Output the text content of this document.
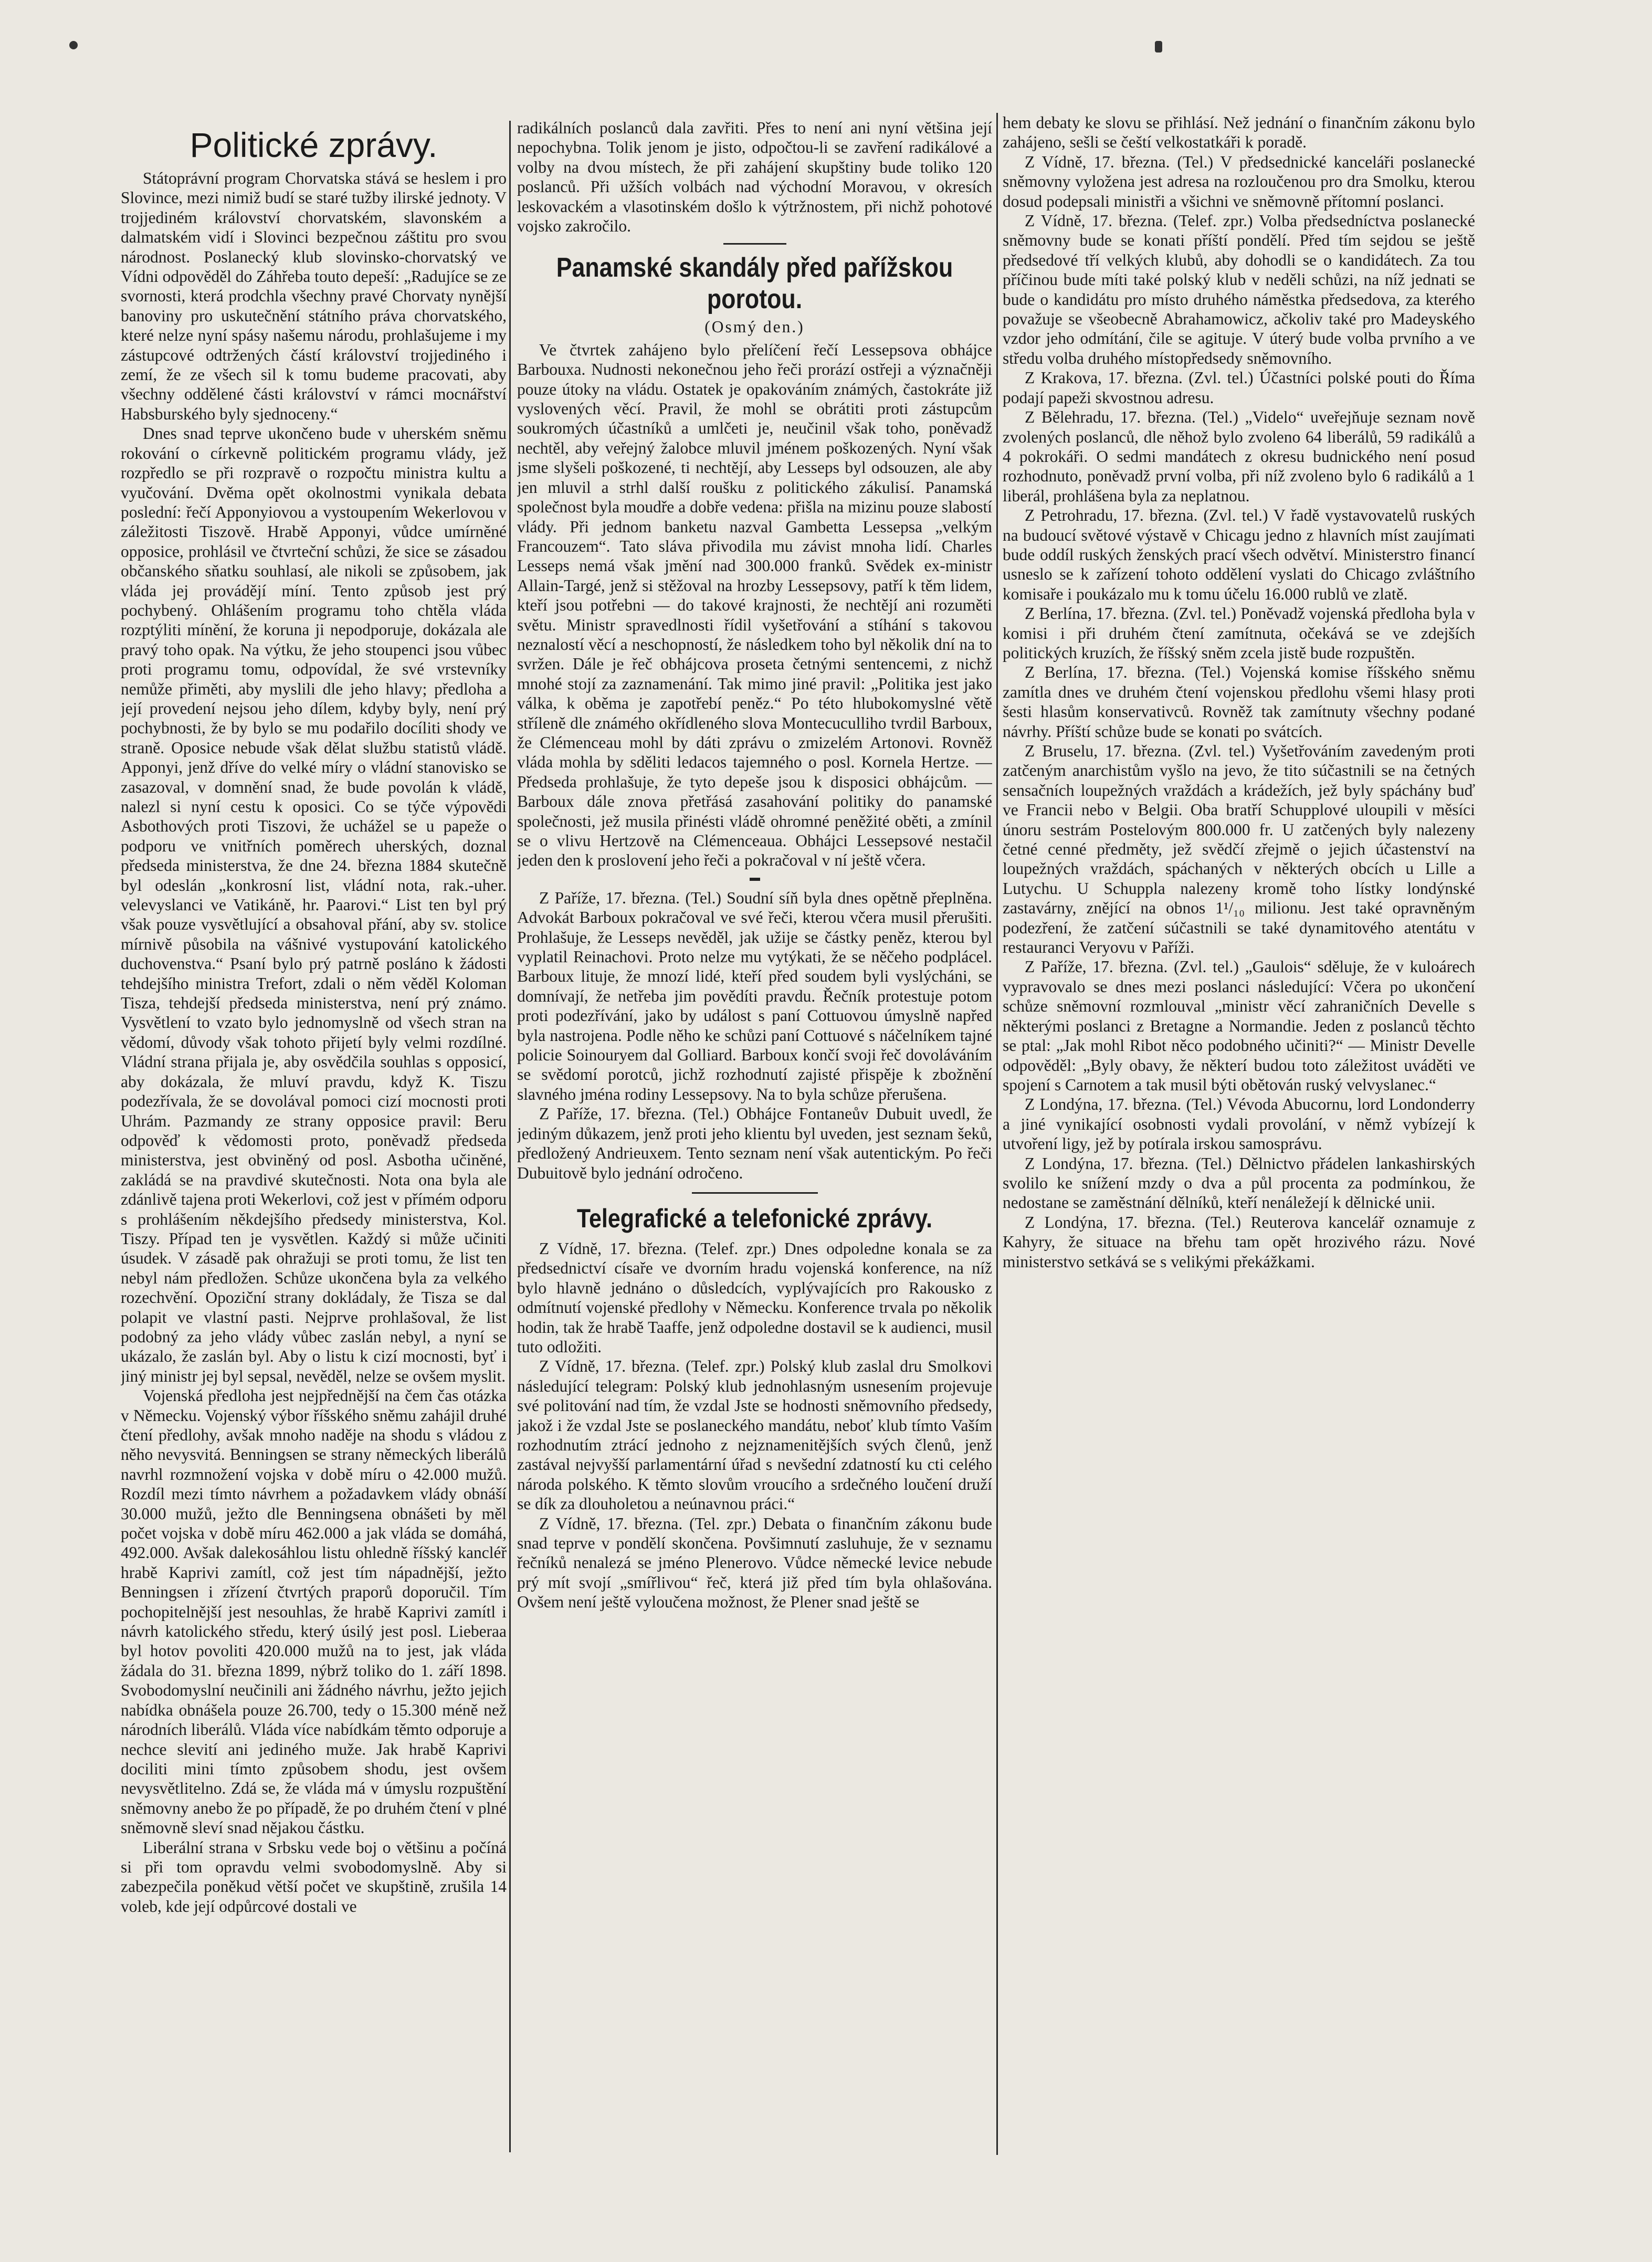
Politické zprávy.

Státoprávní program Chorvatska stává se heslem i pro Slovince, mezi nimiž budí se staré tužby ilirské jednoty. V trojjediném království chorvatském, slavonském a dalmatském vidí i Slovinci bezpečnou záštitu pro svou národnost. Poslanecký klub slovinsko-chorvatský ve Vídni odpověděl do Záhřeba touto depeší: „Radujíce se ze svornosti, která prodchla všechny pravé Chorvaty nynější banoviny pro uskutečnění státního práva chorvatského, které nelze nyní spásy našemu národu, prohlašujeme i my zástupcové odtržených částí království trojjediného i zemí, že ze všech sil k tomu budeme pracovati, aby všechny oddělené části království v rámci mocnářství Habsburského byly sjednoceny.“

Dnes snad teprve ukončeno bude v uherském sněmu rokování o církevně politickém programu vlády, jež rozpředlo se při rozpravě o rozpočtu ministra kultu a vyučování. Dvěma opět okolnostmi vynikala debata poslední: řečí Apponyiovou a vystoupením Wekerlovou v záležitosti Tiszově. Hrabě Apponyi, vůdce umírněné opposice, prohlásil ve čtvrteční schůzi, že sice se zásadou občanského sňatku souhlasí, ale nikoli se způsobem, jak vláda jej provádějí míní. Tento způsob jest prý pochybený. Ohlášením programu toho chtěla vláda rozptýliti mínění, že koruna ji nepodporuje, dokázala ale pravý toho opak. Na výtku, že jeho stoupenci jsou vůbec proti programu tomu, odpovídal, že své vrstevníky nemůže přiměti, aby myslili dle jeho hlavy; předloha a její provedení nejsou jeho dílem, kdyby byly, není prý pochybnosti, že by bylo se mu podařilo docíliti shody ve straně. Oposice nebude však dělat službu statistů vládě. Apponyi, jenž dříve do velké míry o vládní stanovisko se zasazoval, v domnění snad, že bude povolán k vládě, nalezl si nyní cestu k oposici. Co se týče výpovědi Asbothových proti Tiszovi, že uchážel se u papeže o podporu ve vnitřních poměrech uherských, doznal předseda ministerstva, že dne 24. března 1884 skutečně byl odeslán „konkrosní list, vládní nota, rak.-uher. velevyslanci ve Vatikáně, hr. Paarovi.“ List ten byl prý však pouze vysvětlující a obsahoval přání, aby sv. stolice mírnivě působila na vášnivé vystupování katolického duchovenstva.“ Psaní bylo prý patrně posláno k žádosti tehdejšího ministra Trefort, zdali o něm věděl Koloman Tisza, tehdejší předseda ministerstva, není prý známo. Vysvětlení to vzato bylo jednomyslně od všech stran na vědomí, důvody však tohoto přijetí byly velmi rozdílné. Vládní strana přijala je, aby osvědčila souhlas s opposicí, aby dokázala, že mluví pravdu, když K. Tiszu podezřívala, že se dovolával pomoci cizí mocnosti proti Uhrám. Pazmandy ze strany opposice pravil: Beru odpověď k vědomosti proto, poněvadž předseda ministerstva, jest obviněný od posl. Asbotha učiněné, zakládá se na pravdivé skutečnosti. Nota ona byla ale zdánlivě tajena proti Wekerlovi, což jest v přímém odporu s prohlášením někdejšího předsedy ministerstva, Kol. Tiszy. Případ ten je vysvětlen. Každý si může učiniti úsudek. V zásadě pak ohražuji se proti tomu, že list ten nebyl nám předložen. Schůze ukončena byla za velkého rozechvění. Opoziční strany dokládaly, že Tisza se dal polapit ve vlastní pasti. Nejprve prohlašoval, že list podobný za jeho vlády vůbec zaslán nebyl, a nyní se ukázalo, že zaslán byl. Aby o listu k cizí mocnosti, byť i jiný ministr jej byl sepsal, nevěděl, nelze se ovšem myslit.

Vojenská předloha jest nejpřednější na čem čas otázka v Německu. Vojenský výbor říšského sněmu zahájil druhé čtení předlohy, avšak mnoho naděje na shodu s vládou z něho nevysvitá. Benningsen se strany německých liberálů navrhl rozmnožení vojska v době míru o 42.000 mužů. Rozdíl mezi tímto návrhem a požadavkem vlády obnáší 30.000 mužů, ježto dle Benningsena obnášeti by měl počet vojska v době míru 462.000 a jak vláda se domáhá, 492.000. Avšak dalekosáhlou listu ohledně říšský kancléř hrabě Kaprivi zamítl, což jest tím nápadnější, ježto Benningsen i zřízení čtvrtých praporů doporučil. Tím pochopitelnější jest nesouhlas, že hrabě Kaprivi zamítl i návrh katolického středu, který úsilý jest posl. Lieberaa byl hotov povoliti 420.000 mužů na to jest, jak vláda žádala do 31. března 1899, nýbrž toliko do 1. září 1898. Svobodomyslní neučinili ani žádného návrhu, ježto jejich nabídka obnášela pouze 26.700, tedy o 15.300 méně než národních liberálů. Vláda více nabídkám těmto odporuje a nechce slevití ani jediného muže. Jak hrabě Kaprivi dociliti mini tímto způsobem shodu, jest ovšem nevysvětlitelno. Zdá se, že vláda má v úmyslu rozpuštění sněmovny anebo že po případě, že po druhém čtení v plné sněmovně sleví snad nějakou částku.

Liberální strana v Srbsku vede boj o většinu a počíná si při tom opravdu velmi svobodomyslně. Aby si zabezpečila poněkud větší počet ve skupštině, zrušila 14 voleb, kde její odpůrcové dostali ve

radikálních poslanců dala zavřiti. Přes to není ani nyní většina její nepochybna. Tolik jenom je jisto, odpočtou-li se zavření radikálové a volby na dvou místech, že při zahájení skupštiny bude toliko 120 poslanců. Při užších volbách nad východní Moravou, v okresích leskovackém a vlasotinském došlo k výtržnostem, při nichž pohotové vojsko zakročilo.

Panamské skandály před pařížskou porotou.
(Osmý den.)

Ve čtvrtek zahájeno bylo přelíčení řečí Lessepsova obhájce Barbouxa. Nudnosti nekonečnou jeho řeči prorází ostřeji a význačněji pouze útoky na vládu. Ostatek je opakováním známých, častokráte již vyslovených věcí. Pravil, že mohl se obrátiti proti zástupcům soukromých účastníků a umlčeti je, neučinil však toho, poněvadž nechtěl, aby veřejný žalobce mluvil jménem poškozených. Nyní však jsme slyšeli poškozené, ti nechtějí, aby Lesseps byl odsouzen, ale aby jen mluvil a strhl další roušku z politického zákulisí. Panamská společnost byla moudře a dobře vedena: přišla na mizinu pouze slabostí vlády. Při jednom banketu nazval Gambetta Lessepsa „velkým Francouzem“. Tato sláva přivodila mu závist mnoha lidí. Charles Lesseps nemá však jmění nad 300.000 franků. Svědek ex-ministr Allain-Targé, jenž si stěžoval na hrozby Lessepsovy, patří k těm lidem, kteří jsou potřebni — do takové krajnosti, že nechtějí ani rozuměti světu. Ministr spravedlnosti řídil vyšetřování a stíhání s takovou neznalostí věcí a neschopností, že následkem toho byl několik dní na to svržen. Dále je řeč obhájcova proseta četnými sentencemi, z nichž mnohé stojí za zaznamenání. Tak mimo jiné pravil: „Politika jest jako válka, k oběma je zapotřebí peněz.“ Po této hlubokomyslné větě stříleně dle známého okřídleného slova Montecuculliho tvrdil Barboux, že Clémenceau mohl by dáti zprávu o zmizelém Artonovi. Rovněž vláda mohla by sděliti ledacos tajemného o posl. Kornela Hertze. — Předseda prohlašuje, že tyto depeše jsou k disposici obhájcům. — Barboux dále znova přetřásá zasahování politiky do panamské společnosti, jež musila přinésti vládě ohromné peněžité oběti, a zmínil se o vlivu Hertzově na Clémenceaua. Obhájci Lessepsové nestačil jeden den k proslovení jeho řeči a pokračoval v ní ještě včera.

Z Paříže, 17. března. (Tel.) Soudní síň byla dnes opětně přeplněna. Advokát Barboux pokračoval ve své řeči, kterou včera musil přerušiti. Prohlašuje, že Lesseps nevěděl, jak užije se částky peněz, kterou byl vyplatil Reinachovi. Proto nelze mu vytýkati, že se něčeho podplácel. Barboux lituje, že mnozí lidé, kteří před soudem byli vyslýcháni, se domnívají, že netřeba jim povědíti pravdu. Řečník protestuje potom proti podezřívání, jako by událost s paní Cottuovou úmyslně napřed byla nastrojena. Podle něho ke schůzi paní Cottuové s náčelníkem tajné policie Soinouryem dal Golliard. Barboux končí svoji řeč dovoláváním se svědomí porotců, jichž rozhodnutí zajisté přispěje k zbožnění slavného jména rodiny Lessepsovy. Na to byla schůze přerušena.

Z Paříže, 17. března. (Tel.) Obhájce Fontaneův Dubuit uvedl, že jediným důkazem, jenž proti jeho klientu byl uveden, jest seznam šeků, předložený Andrieuxem. Tento seznam není však autentickým. Po řeči Dubuitově bylo jednání odročeno.

Telegrafické a telefonické zprávy.

Z Vídně, 17. března. (Telef. zpr.) Dnes odpoledne konala se za předsednictví císaře ve dvorním hradu vojenská konference, na níž bylo hlavně jednáno o důsledcích, vyplývajících pro Rakousko z odmítnutí vojenské předlohy v Německu. Konference trvala po několik hodin, tak že hrabě Taaffe, jenž odpoledne dostavil se k audienci, musil tuto odložiti.

Z Vídně, 17. března. (Telef. zpr.) Polský klub zaslal dru Smolkovi následující telegram: Polský klub jednohlasným usnesením projevuje své politování nad tím, že vzdal Jste se hodnosti sněmovního předsedy, jakož i že vzdal Jste se poslaneckého mandátu, neboť klub tímto Vaším rozhodnutím ztrácí jednoho z nejznamenitějších svých členů, jenž zastával nejvyšší parlamentární úřad s nevšední zdatností ku cti celého národa polského. K těmto slovům vroucího a srdečného loučení druží se dík za dlouholetou a neúnavnou práci.“

Z Vídně, 17. března. (Tel. zpr.) Debata o finančním zákonu bude snad teprve v pondělí skončena. Povšimnutí zasluhuje, že v seznamu řečníků nenalezá se jméno Plenerovo. Vůdce německé levice nebude prý mít svojí „smířlivou“ řeč, která již před tím byla ohlašována. Ovšem není ještě vyloučena možnost, že Plener snad ještě se

hem debaty ke slovu se přihlásí. Než jednání o finančním zákonu bylo zahájeno, sešli se čeští velkostatkáři k poradě.

Z Vídně, 17. března. (Tel.) V předsednické kanceláři poslanecké sněmovny vyložena jest adresa na rozloučenou pro dra Smolku, kterou dosud podepsali ministři a všichni ve sněmovně přítomní poslanci.

Z Vídně, 17. března. (Telef. zpr.) Volba předsedníctva poslanecké sněmovny bude se konati příští pondělí. Před tím sejdou se ještě předsedové tří velkých klubů, aby dohodli se o kandidátech. Za tou příčinou bude míti také polský klub v neděli schůzi, na níž jednati se bude o kandidátu pro místo druhého náměstka předsedova, za kterého považuje se všeobecně Abrahamowicz, ačkoliv také pro Madeyského vzdor jeho odmítání, čile se agituje. V úterý bude volba prvního a ve středu volba druhého místopředsedy sněmovního.

Z Krakova, 17. března. (Zvl. tel.) Účastníci polské pouti do Říma podají papeži skvostnou adresu.

Z Bělehradu, 17. března. (Tel.) „Videlo“ uveřejňuje seznam nově zvolených poslanců, dle něhož bylo zvoleno 64 liberálů, 59 radikálů a 4 pokrokáři. O sedmi mandátech z okresu budnického není posud rozhodnuto, poněvadž první volba, při níž zvoleno bylo 6 radikálů a 1 liberál, prohlášena byla za neplatnou.

Z Petrohradu, 17. března. (Zvl. tel.) V řadě vystavovatelů ruských na budoucí světové výstavě v Chicagu jedno z hlavních míst zaujímati bude oddíl ruských ženských prací všech odvětví. Ministerstro financí usneslo se k zařízení tohoto oddělení vyslati do Chicago zvláštního komisaře i poukázalo mu k tomu účelu 16.000 rublů ve zlatě.

Z Berlína, 17. března. (Zvl. tel.) Poněvadž vojenská předloha byla v komisi i při druhém čtení zamítnuta, očekává se ve zdejších politických kruzích, že říšský sněm zcela jistě bude rozpuštěn.

Z Berlína, 17. března. (Tel.) Vojenská komise říšského sněmu zamítla dnes ve druhém čtení vojenskou předlohu všemi hlasy proti šesti hlasům konservativců. Rovněž tak zamítnuty všechny podané návrhy. Příští schůze bude se konati po svátcích.

Z Bruselu, 17. března. (Zvl. tel.) Vyšetřováním zavedeným proti zatčeným anarchistům vyšlo na jevo, že tito súčastnili se na četných sensačních loupežných vraždách a krádežích, jež byly spáchány buď ve Francii nebo v Belgii. Oba bratří Schupplové uloupili v měsíci únoru sestrám Postelovým 800.000 fr. U zatčených byly nalezeny četné cenné předměty, jež svědčí zřejmě o jejich účastenství na loupežných vraždách, spáchaných v některých obcích u Lille a Lutychu. U Schuppla nalezeny kromě toho lístky londýnské zastavárny, znějící na obnos 1¹/₁₀ milionu. Jest také opravněným podezření, že zatčení súčastnili se také dynamitového atentátu v restauranci Veryovu v Paříži.

Z Paříže, 17. března. (Zvl. tel.) „Gaulois“ sděluje, že v kuloárech vypravovalo se dnes mezi poslanci následující: Včera po ukončení schůze sněmovní rozmlouval „ministr věcí zahraničních Develle s některými poslanci z Bretagne a Normandie. Jeden z poslanců těchto se ptal: „Jak mohl Ribot něco podobného učiniti?“ — Ministr Develle odpověděl: „Byly obavy, že některí budou toto záležitost uváděti ve spojení s Carnotem a tak musil býti obětován ruský velvyslanec.“

Z Londýna, 17. března. (Tel.) Vévoda Abucornu, lord Londonderry a jiné vynikající osobnosti vydali provolání, v němž vybízejí k utvoření ligy, jež by potírala irskou samosprávu.

Z Londýna, 17. března. (Tel.) Dělnictvo přádelen lankashirských svolilo ke snížení mzdy o dva a půl procenta za podmínkou, že nedostane se zaměstnání dělníků, kteří nenáležejí k dělnické unii.

Z Londýna, 17. března. (Tel.) Reuterova kancelář oznamuje z Kahyry, že situace na břehu tam opět hrozivého rázu. Nové ministerstvo setkává se s velikými překážkami.
